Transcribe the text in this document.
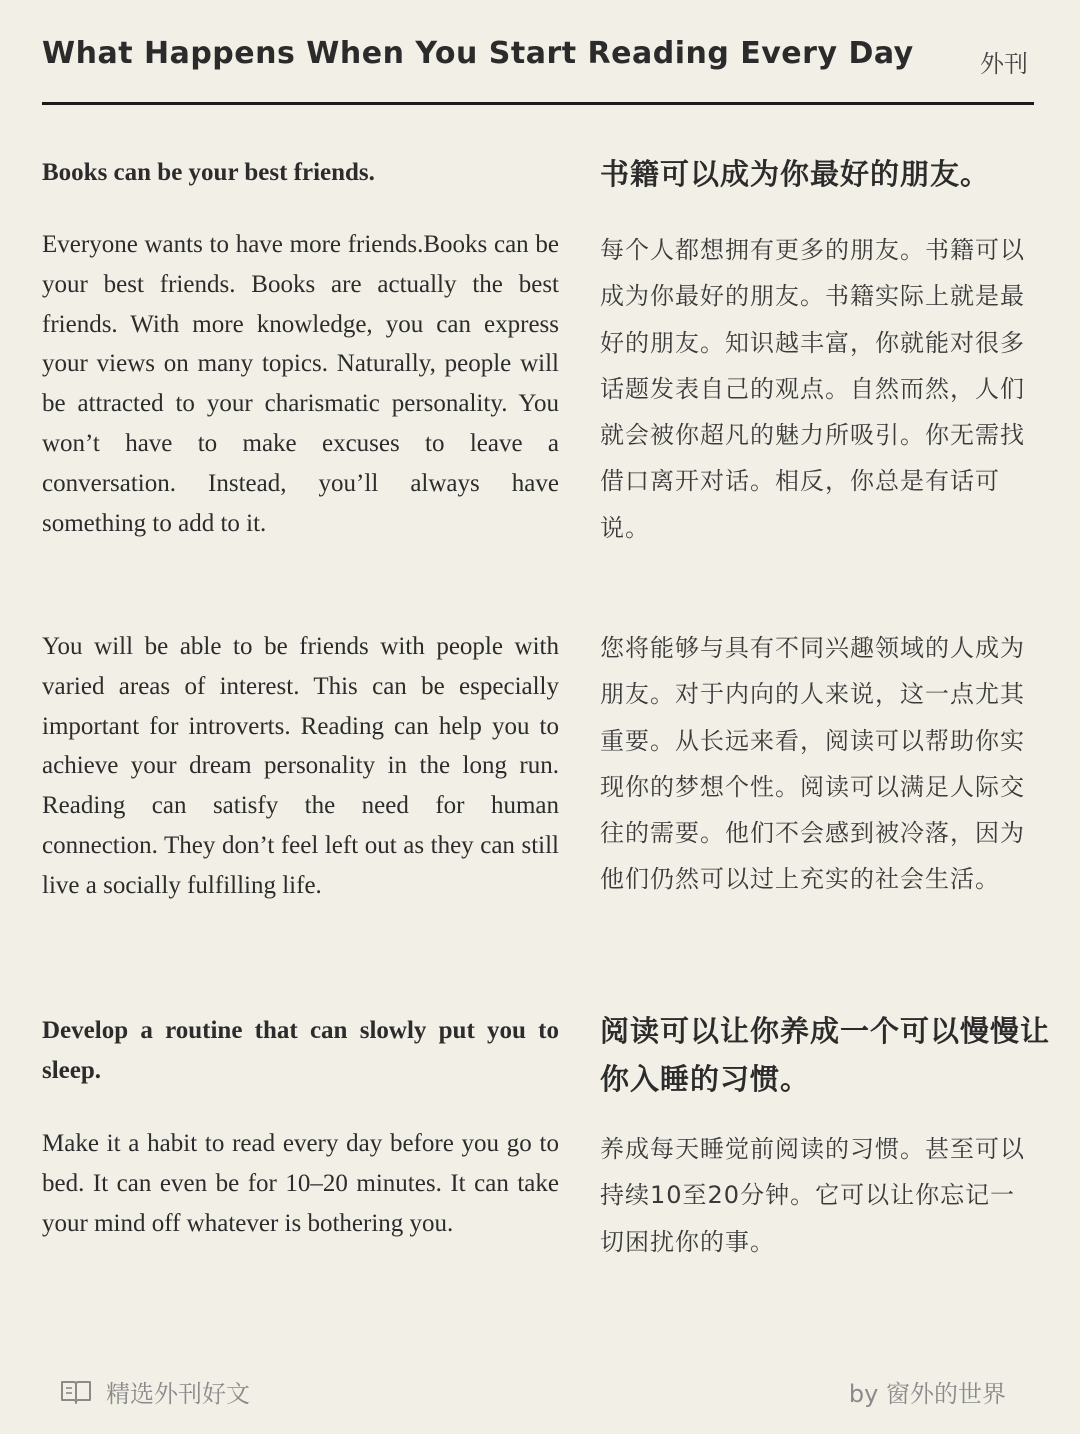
What Happens When You Start Reading Every Day	外刊
Books can be your best friends.	书籍可以成为你最好的朋友。
Everyone wants to have more friends.Books can be your best friends. Books are actually the best friends. With more knowledge, you can express your views on many topics. Naturally, people will be attracted to your charismatic personality. You won’t have to make excuses to leave a conversation. Instead, you’ll always have something to add to it.
每个人都想拥有更多的朋友。书籍可以成为你最好的朋友。书籍实际上就是最好的朋友。知识越丰富，你就能对很多话题发表自己的观点。自然而然，人们就会被你超凡的魅力所吸引。你无需找借口离开对话。相反，你总是有话可说。
You will be able to be friends with people with varied areas of interest. This can be especially important for introverts. Reading can help you to achieve your dream personality in the long run. Reading can satisfy the need for human connection. They don’t feel left out as they can still live a socially fulfilling life.
您将能够与具有不同兴趣领域的人成为朋友。对于内向的人来说，这一点尤其重要。从长远来看，阅读可以帮助你实现你的梦想个性。阅读可以满足人际交往的需要。他们不会感到被冷落，因为他们仍然可以过上充实的社会生活。
Develop a routine that can slowly put you to sleep.
阅读可以让你养成一个可以慢慢让你入睡的习惯。
Make it a habit to read every day before you go to bed. It can even be for 10–20 minutes. It can take your mind off whatever is bothering you.
养成每天睡觉前阅读的习惯。甚至可以持续10至20分钟。它可以让你忘记一切困扰你的事。
精选外刊好文	by 窗外的世界
